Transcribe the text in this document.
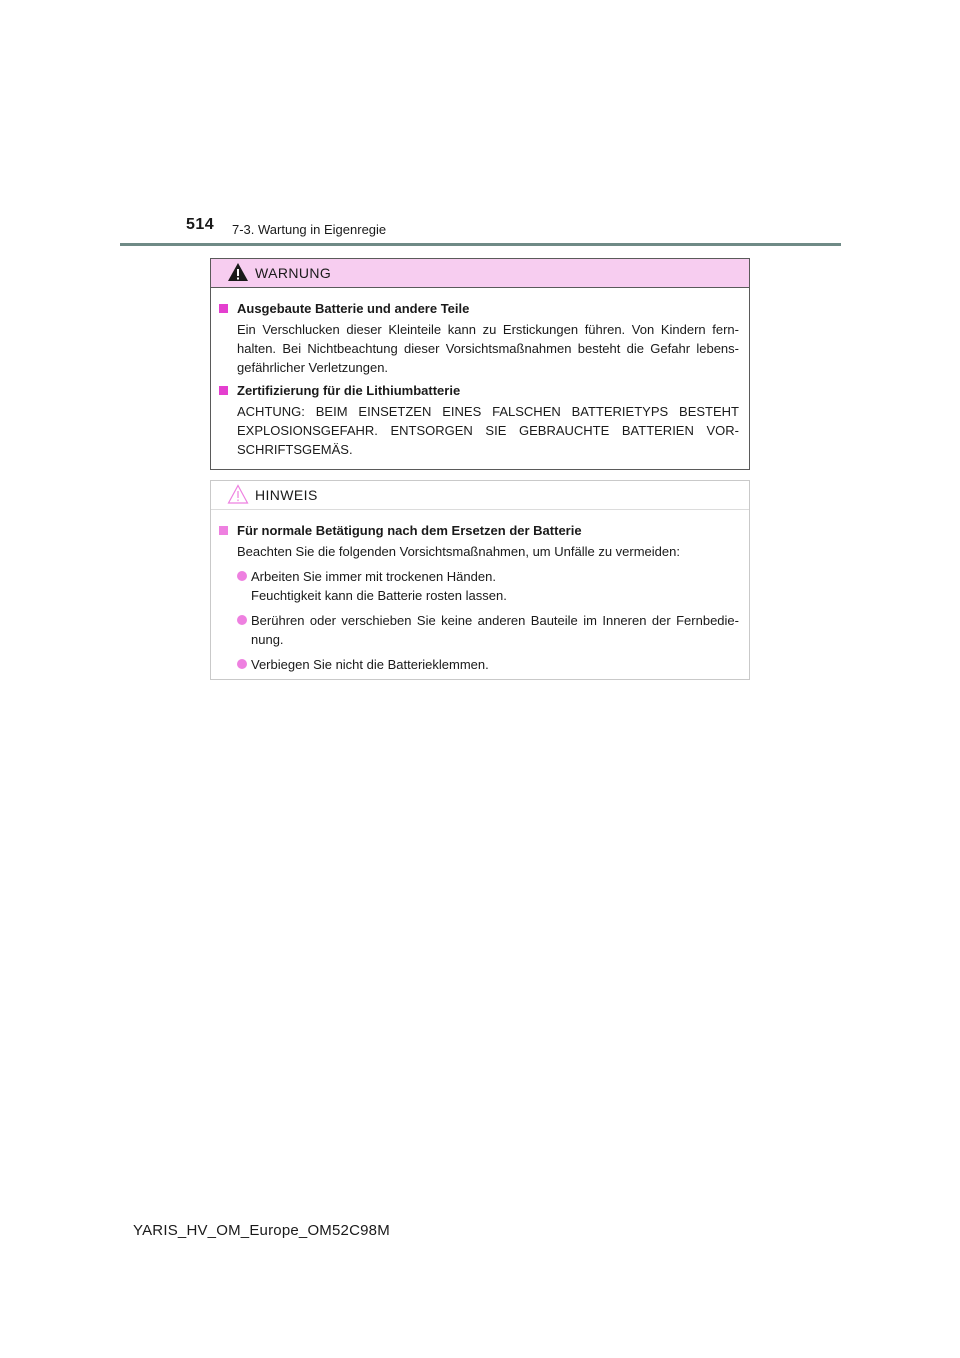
514 7-3. Wartung in Eigenregie
WARNUNG
Ausgebaute Batterie und andere Teile
Ein Verschlucken dieser Kleinteile kann zu Erstickungen führen. Von Kindern fernhalten. Bei Nichtbeachtung dieser Vorsichtsmaßnahmen besteht die Gefahr lebensgefährlicher Verletzungen.
Zertifizierung für die Lithiumbatterie
ACHTUNG: BEIM EINSETZEN EINES FALSCHEN BATTERIETYPS BESTEHT EXPLOSIONSGEFAHR. ENTSORGEN SIE GEBRAUCHTE BATTERIEN VORSCHRIFTSGEMÄS.
HINWEIS
Für normale Betätigung nach dem Ersetzen der Batterie
Beachten Sie die folgenden Vorsichtsmaßnahmen, um Unfälle zu vermeiden:
Arbeiten Sie immer mit trockenen Händen.
Feuchtigkeit kann die Batterie rosten lassen.
Berühren oder verschieben Sie keine anderen Bauteile im Inneren der Fernbedienung.
Verbiegen Sie nicht die Batterieklemmen.
YARIS_HV_OM_Europe_OM52C98M
